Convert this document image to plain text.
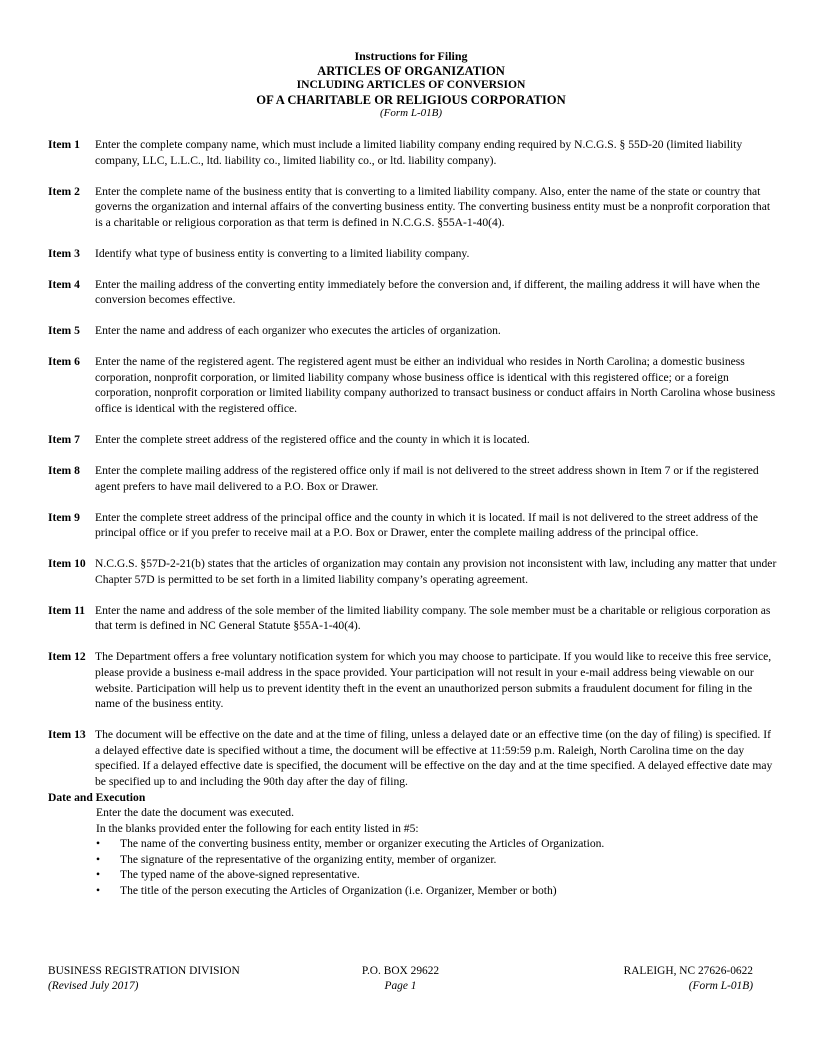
Instructions for Filing
ARTICLES OF ORGANIZATION
INCLUDING ARTICLES OF CONVERSION
OF A CHARITABLE OR RELIGIOUS CORPORATION
(Form L-01B)
Item 1	Enter the complete company name, which must include a limited liability company ending required by N.C.G.S. § 55D-20 (limited liability company, LLC, L.L.C., ltd. liability co., limited liability co., or ltd. liability company).
Item 2	Enter the complete name of the business entity that is converting to a limited liability company. Also, enter the name of the state or country that governs the organization and internal affairs of the converting business entity. The converting business entity must be a nonprofit corporation that is a charitable or religious corporation as that term is defined in N.C.G.S. §55A-1-40(4).
Item 3	Identify what type of business entity is converting to a limited liability company.
Item 4	Enter the mailing address of the converting entity immediately before the conversion and, if different, the mailing address it will have when the conversion becomes effective.
Item 5	Enter the name and address of each organizer who executes the articles of organization.
Item 6	Enter the name of the registered agent. The registered agent must be either an individual who resides in North Carolina; a domestic business corporation, nonprofit corporation, or limited liability company whose business office is identical with this registered office; or a foreign corporation, nonprofit corporation or limited liability company authorized to transact business or conduct affairs in North Carolina whose business office is identical with the registered office.
Item 7	Enter the complete street address of the registered office and the county in which it is located.
Item 8	Enter the complete mailing address of the registered office only if mail is not delivered to the street address shown in Item 7 or if the registered agent prefers to have mail delivered to a P.O. Box or Drawer.
Item 9	Enter the complete street address of the principal office and the county in which it is located. If mail is not delivered to the street address of the principal office or if you prefer to receive mail at a P.O. Box or Drawer, enter the complete mailing address of the principal office.
Item 10 N.C.G.S. §57D-2-21(b) states that the articles of organization may contain any provision not inconsistent with law, including any matter that under Chapter 57D is permitted to be set forth in a limited liability company’s operating agreement.
Item 11 Enter the name and address of the sole member of the limited liability company. The sole member must be a charitable or religious corporation as that term is defined in NC General Statute §55A-1-40(4).
Item 12 The Department offers a free voluntary notification system for which you may choose to participate. If you would like to receive this free service, please provide a business e-mail address in the space provided. Your participation will not result in your e-mail address being viewable on our website. Participation will help us to prevent identity theft in the event an unauthorized person submits a fraudulent document for filing in the name of the business entity.
Item 13 The document will be effective on the date and at the time of filing, unless a delayed date or an effective time (on the day of filing) is specified. If a delayed effective date is specified without a time, the document will be effective at 11:59:59 p.m. Raleigh, North Carolina time on the day specified. If a delayed effective date is specified, the document will be effective on the day and at the time specified. A delayed effective date may be specified up to and including the 90th day after the day of filing.
Date and Execution
Enter the date the document was executed.
In the blanks provided enter the following for each entity listed in #5:
•	The name of the converting business entity, member or organizer executing the Articles of Organization.
•	The signature of the representative of the organizing entity, member of organizer.
•	The typed name of the above-signed representative.
•	The title of the person executing the Articles of Organization (i.e. Organizer, Member or both)
BUSINESS REGISTRATION DIVISION	P.O. BOX 29622	RALEIGH, NC 27626-0622
(Revised July 2017)	Page 1	(Form L-01B)
